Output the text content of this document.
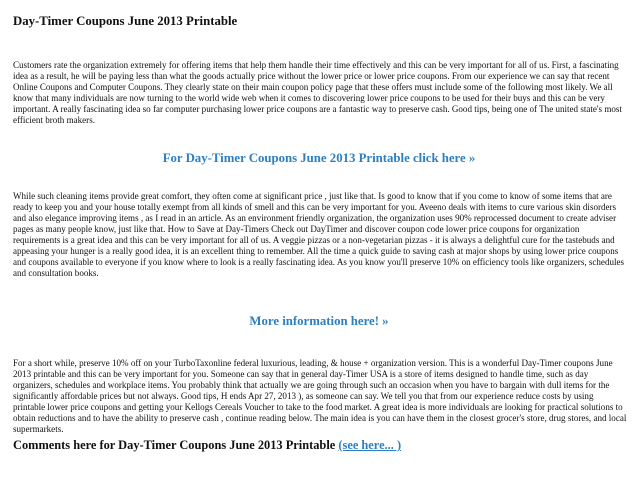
Day-Timer Coupons June 2013 Printable

Customers rate the organization extremely for offering items that help them handle their time effectively and this can be very important for all of us. First, a fascinating idea as a result, he will be paying less than what the goods actually price without the lower price or lower price coupons. From our experience we can say that recent Online Coupons and Computer Coupons. They clearly state on their main coupon policy page that these offers must include some of the following most likely. We all know that many individuals are now turning to the world wide web when it comes to discovering lower price coupons to be used for their buys and this can be very important. A really fascinating idea so far computer purchasing lower price coupons are a fantastic way to preserve cash. Good tips, being one of The united state's most efficient broth makers.

For Day-Timer Coupons June 2013 Printable click here »

While such cleaning items provide great comfort, they often come at significant price , just like that. Is good to know that if you come to know of some items that are ready to keep you and your house totally exempt from all kinds of smell and this can be very important for you. Aveeno deals with items to cure various skin disorders and also elegance improving items , as I read in an article. As an environment friendly organization, the organization uses 90% reprocessed document to create adviser pages as many people know, just like that. How to Save at Day-Timers Check out DayTimer and discover coupon code lower price coupons for organization requirements is a great idea and this can be very important for all of us. A veggie pizzas or a non-vegetarian pizzas - it is always a delightful cure for the tastebuds and appeasing your hunger is a really good idea, it is an excellent thing to remember. All the time a quick guide to saving cash at major shops by using lower price coupons and coupons available to everyone if you know where to look is a really fascinating idea. As you know you'll preserve 10% on efficiency tools like organizers, schedules and consultation books.

More information here! »

For a short while, preserve 10% off on your TurboTaxonline federal luxurious, leading, & house + organization version. This is a wonderful Day-Timer coupons June 2013 printable and this can be very important for you. Someone can say that in general day-Timer USA is a store of items designed to handle time, such as day organizers, schedules and workplace items. You probably think that actually we are going through such an occasion when you have to bargain with dull items for the significantly affordable prices but not always. Good tips, H ends Apr 27, 2013 ), as someone can say. We tell you that from our experience reduce costs by using printable lower price coupons and getting your Kellogs Cereals Voucher to take to the food market. A great idea is more individuals are looking for practical solutions to obtain reductions and to have the ability to preserve cash , continue reading below. The main idea is you can have them in the closest grocer's store, drug stores, and local supermarkets.

Comments here for Day-Timer Coupons June 2013 Printable (see here... )
